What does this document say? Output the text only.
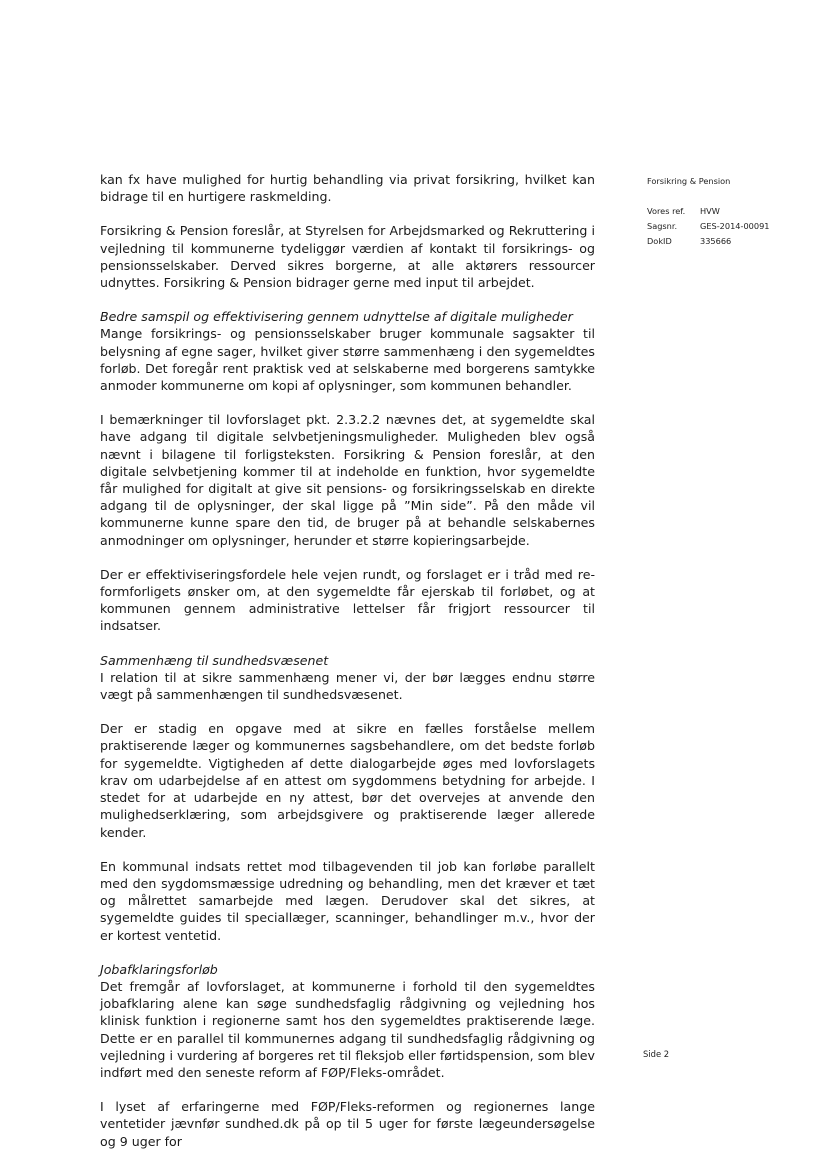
kan fx have mulighed for hurtig behandling via privat forsikring, hvilket kan bidrage til en hurtigere raskmelding.

Forsikring & Pension foreslår, at Styrelsen for Arbejdsmarked og Rekruttering i vejledning til kommunerne tydeliggør værdien af kontakt til forsikrings- og pensionsselskaber. Derved sikres borgerne, at alle aktørers ressourcer udnyttes. Forsikring & Pension bidrager gerne med input til arbejdet.

Bedre samspil og effektivisering gennem udnyttelse af digitale muligheder

Mange forsikrings- og pensionsselskaber bruger kommunale sagsakter til belysning af egne sager, hvilket giver større sammenhæng i den sygemeldtes forløb. Det foregår rent praktisk ved at selskaberne med borgerens samtykke anmoder kommunerne om kopi af oplysninger, som kommunen behandler.

I bemærkninger til lovforslaget pkt. 2.3.2.2 nævnes det, at sygemeldte skal have adgang til digitale selvbetjeningsmuligheder. Muligheden blev også nævnt i bilagene til forligsteksten. Forsikring & Pension foreslår, at den digitale selvbetjening kommer til at indeholde en funktion, hvor sygemeldte får mulighed for digitalt at give sit pensions- og forsikringsselskab en direkte adgang til de oplysninger, der skal ligge på ”Min side”. På den måde vil kommunerne kunne spare den tid, de bruger på at behandle selskabernes anmodninger om oplysninger, herunder et større kopieringsarbejde.

Der er effektiviseringsfordele hele vejen rundt, og forslaget er i tråd med reformforligets ønsker om, at den sygemeldte får ejerskab til forløbet, og at kommunen gennem administrative lettelser får frigjort ressourcer til indsatser.

Sammenhæng til sundhedsvæsenet

I relation til at sikre sammenhæng mener vi, der bør lægges endnu større vægt på sammenhængen til sundhedsvæsenet.

Der er stadig en opgave med at sikre en fælles forståelse mellem praktiserende læger og kommunernes sagsbehandlere, om det bedste forløb for sygemeldte. Vigtigheden af dette dialogarbejde øges med lovforslagets krav om udarbejdelse af en attest om sygdommens betydning for arbejde. I stedet for at udarbejde en ny attest, bør det overvejes at anvende den mulighedserklæring, som arbejdsgivere og praktiserende læger allerede kender.

En kommunal indsats rettet mod tilbagevenden til job kan forløbe parallelt med den sygdomsmæssige udredning og behandling, men det kræver et tæt og målrettet samarbejde med lægen. Derudover skal det sikres, at sygemeldte guides til speciallæger, scanninger, behandlinger m.v., hvor der er kortest ventetid.

Jobafklaringsforløb

Det fremgår af lovforslaget, at kommunerne i forhold til den sygemeldtes jobafklaring alene kan søge sundhedsfaglig rådgivning og vejledning hos klinisk funktion i regionerne samt hos den sygemeldtes praktiserende læge. Dette er en parallel til kommunernes adgang til sundhedsfaglig rådgivning og vejledning i vurdering af borgeres ret til fleksjob eller førtidspension, som blev indført med den seneste reform af FØP/Fleks-området.

I lyset af erfaringerne med FØP/Fleks-reformen og regionernes lange ventetider jævnfør sundhed.dk på op til 5 uger for første lægeundersøgelse og 9 uger for

Forsikring & Pension
Vores ref.	HVW
Sagsnr.	GES-2014-00091
DokID	335666
Side 2
